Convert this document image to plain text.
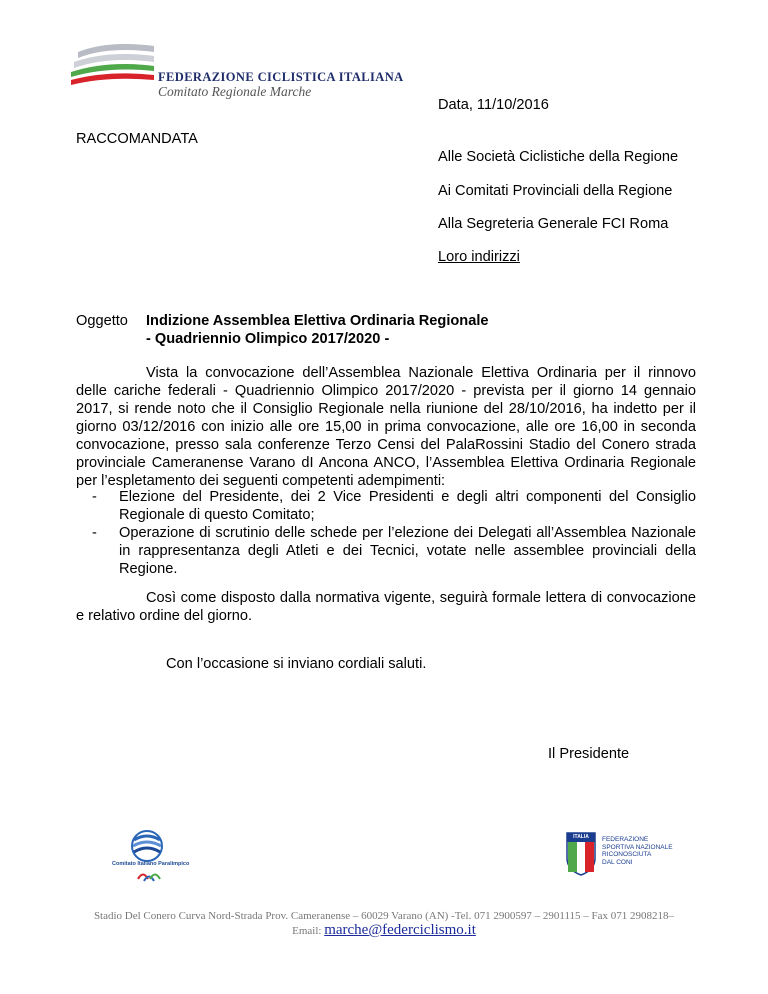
FEDERAZIONE CICLISTICA ITALIANA
Comitato Regionale Marche
Data, 11/10/2016
RACCOMANDATA
Alle Società Ciclistiche della Regione
Ai Comitati Provinciali della Regione
Alla Segreteria Generale FCI Roma
Loro indirizzi
Oggetto Indizione Assemblea Elettiva Ordinaria Regionale
- Quadriennio Olimpico 2017/2020 -
Vista la convocazione dell’Assemblea Nazionale Elettiva Ordinaria per il rinnovo delle cariche federali - Quadriennio Olimpico 2017/2020 - prevista per il giorno 14 gennaio 2017, si rende noto che il Consiglio Regionale nella riunione del 28/10/2016, ha indetto per il giorno 03/12/2016 con inizio alle ore 15,00 in prima convocazione, alle ore 16,00 in seconda convocazione, presso sala conferenze Terzo Censi del PalaRossini Stadio del Conero strada provinciale Cameranense Varano dI Ancona ANCO, l’Assemblea Elettiva Ordinaria Regionale per l’espletamento dei seguenti competenti adempimenti:
- Elezione del Presidente, dei 2 Vice Presidenti e degli altri componenti del Consiglio Regionale di questo Comitato;
- Operazione di scrutinio delle schede per l’elezione dei Delegati all’Assemblea Nazionale in rappresentanza degli Atleti e dei Tecnici, votate nelle assemblee provinciali della Regione.
Così come disposto dalla normativa vigente, seguirà formale lettera di convocazione e relativo ordine del giorno.
Con l’occasione si inviano cordiali saluti.
Il Presidente
Comitato Italiano Paralimpico
ITALIA	FEDERAZIONE
SPORTIVA NAZIONALE
RICONOSCIUTA
DAL CONI
Stadio Del Conero Curva Nord-Strada Prov. Cameranense – 60029 Varano (AN) -Tel. 071 2900597 – 2901115 – Fax 071 2908218–
Email: marche@federciclismo.it
